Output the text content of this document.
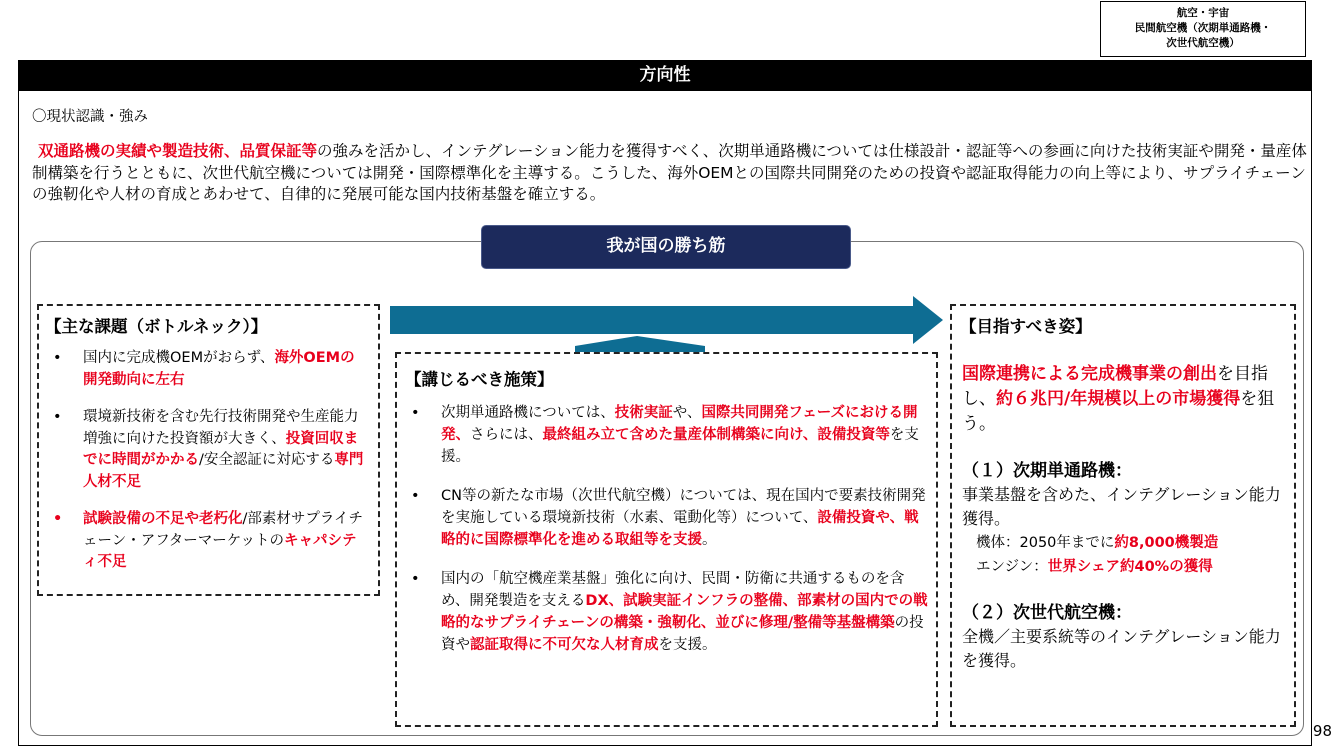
航空・宇宙
民間航空機（次期単通路機・
次世代航空機）
方向性
〇現状認識・強み

双通路機の実績や製造技術、品質保証等の強みを活かし、インテグレーション能力を獲得すべく、次期単通路機については仕様設計・認証等への参画に向けた技術実証や開発・量産体制構築を行うとともに、次世代航空機については開発・国際標準化を主導する。こうした、海外OEMとの国際共同開発のための投資や認証取得能力の向上等により、サプライチェーンの強靭化や人材の育成とあわせて、自律的に発展可能な国内技術基盤を確立する。

我が国の勝ち筋
【主な課題（ボトルネック）】
• 国内に完成機OEMがおらず、海外OEMの開発動向に左右
• 環境新技術を含む先行技術開発や生産能力増強に向けた投資額が大きく、投資回収までに時間がかかる/安全認証に対応する専門人材不足
• 試験設備の不足や老朽化/部素材サプライチェーン・アフターマーケットのキャパシティ不足
【講じるべき施策】
• 次期単通路機については、技術実証や、国際共同開発フェーズにおける開発、さらには、最終組み立て含めた量産体制構築に向け、設備投資等を支援。
• CN等の新たな市場（次世代航空機）については、現在国内で要素技術開発を実施している環境新技術（水素、電動化等）について、設備投資や、戦略的に国際標準化を進める取組等を支援。
• 国内の「航空機産業基盤」強化に向け、民間・防衛に共通するものを含め、開発製造を支えるDX、試験実証インフラの整備、部素材の国内での戦略的なサプライチェーンの構築・強靭化、並びに修理/整備等基盤構築の投資や認証取得に不可欠な人材育成を支援。
【目指すべき姿】
国際連携による完成機事業の創出を目指し、約６兆円/年規模以上の市場獲得を狙う。
（１）次期単通路機：
事業基盤を含めた、インテグレーション能力獲得。
機体：2050年までに約8,000機製造
エンジン：世界シェア約40%の獲得
（２）次世代航空機：
全機／主要系統等のインテグレーション能力を獲得。
98
